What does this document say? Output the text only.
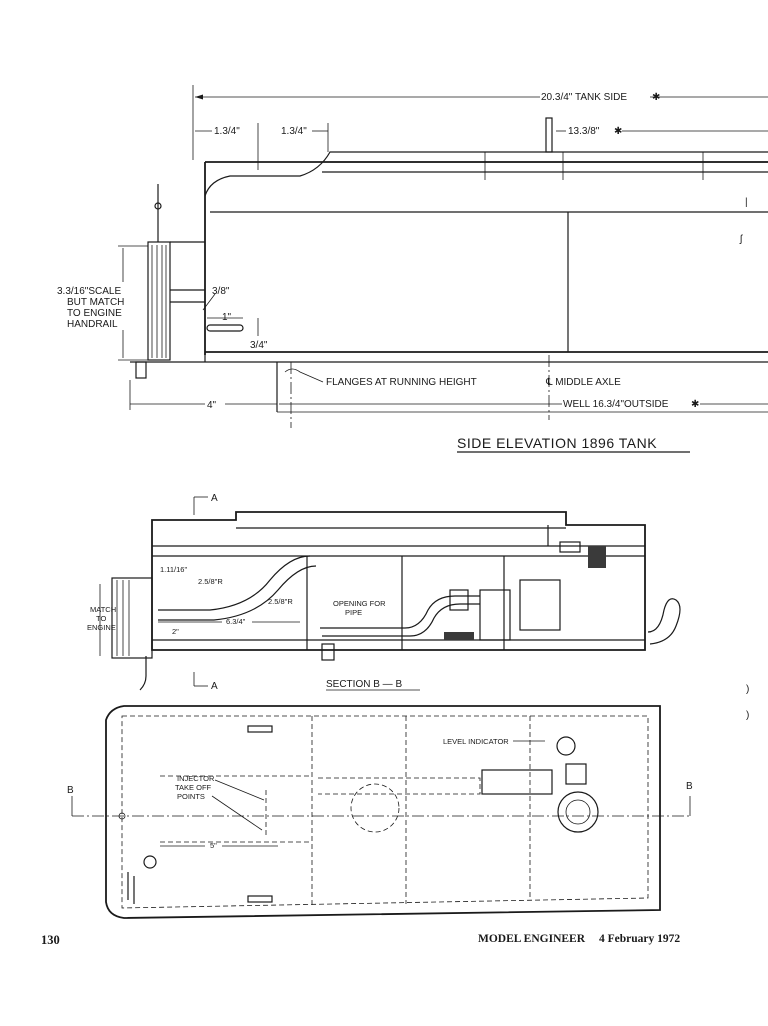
20.3/4" TANK SIDE	✱
1.3/4"	1.3/4"	13.3/8" ✱
3.3/16"SCALE
BUT MATCH
TO ENGINE
HANDRAIL
3/8"
1"
3/4"
4"	WELL 16.3/4"OUTSIDE ✱
FLANGES AT RUNNING HEIGHT	℄ MIDDLE AXLE
|
ʃ
SIDE ELEVATION 1896 TANK
A
A
1.11/16"
2.5/8"R
2.5/8"R
6.3/4"
2"
MATCH
TO
ENGINE
OPENING FOR
PIPE
SECTION B — B
B	B
LEVEL INDICATOR
INJECTOR
TAKE OFF
POINTS
5"
)
)
130	MODEL ENGINEER 4 February 1972
